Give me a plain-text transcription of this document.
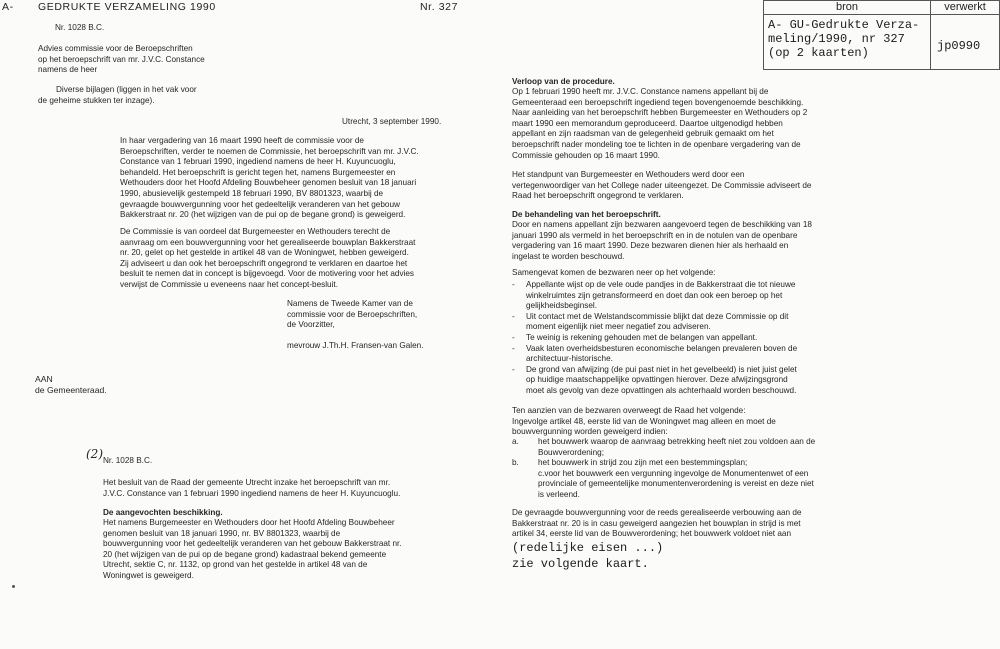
A- GEDRUKTE VERZAMELING 1990	Nr. 327	bron	verwerkt

A- GU-Gedrukte Verza-
meling/1990, nr 327
(op 2 kaarten)	jp0990
Nr. 1028 B.C.
Advies commissie voor de Beroepschriften
op het beroepschrift van mr. J.V.C. Constance
namens de heer
Diverse bijlagen (liggen in het vak voor
de geheime stukken ter inzage).
Utrecht, 3 september 1990.
In haar vergadering van 16 maart 1990 heeft de commissie voor de
Beroepschriften, verder te noemen de Commissie, het beroepschrift van mr. J.V.C.
Constance van 1 februari 1990, ingediend namens de heer H. Kuyuncuoglu,
behandeld. Het beroepschrift is gericht tegen het, namens Burgemeester en
Wethouders door het Hoofd Afdeling Bouwbeheer genomen besluit van 18 januari
1990, abusievelijk gestempeld 18 februari 1990, BV 8801323, waarbij de
gevraagde bouwvergunning voor het gedeeltelijk veranderen van het gebouw
Bakkerstraat nr. 20 (het wijzigen van de pui op de begane grond) is geweigerd.
De Commissie is van oordeel dat Burgemeester en Wethouders terecht de
aanvraag om een bouwvergunning voor het gerealiseerde bouwplan Bakkerstraat
nr. 20, gelet op het gestelde in artikel 48 van de Woningwet, hebben geweigerd.
Zij adviseert u dan ook het beroepschrift ongegrond te verklaren en daartoe het
besluit te nemen dat in concept is bijgevoegd. Voor de motivering voor het advies
verwijst de Commissie u eveneens naar het concept-besluit.
Namens de Tweede Kamer van de
commissie voor de Beroepschriften,
de Voorzitter,
mevrouw J.Th.H. Fransen-van Galen.
AAN
de Gemeenteraad.
(2) Nr. 1028 B.C.
Het besluit van de Raad der gemeente Utrecht inzake het beroepschrift van mr.
J.V.C. Constance van 1 februari 1990 ingediend namens de heer H. Kuyuncuoglu.
De aangevochten beschikking.
Het namens Burgemeester en Wethouders door het Hoofd Afdeling Bouwbeheer
genomen besluit van 18 januari 1990, nr. BV 8801323, waarbij de
bouwvergunning voor het gedeeltelijk veranderen van het gebouw Bakkerstraat nr.
20 (het wijzigen van de pui op de begane grond) kadastraal bekend gemeente
Utrecht, sektie C, nr. 1132, op grond van het gestelde in artikel 48 van de
Woningwet is geweigerd.
Verloop van de procedure.
Op 1 februari 1990 heeft mr. J.V.C. Constance namens appellant bij de
Gemeenteraad een beroepschrift ingediend tegen bovengenoemde beschikking.
Naar aanleiding van het beroepschrift hebben Burgemeester en Wethouders op 2
maart 1990 een memorandum geproduceerd. Daartoe uitgenodigd hebben
appellant en zijn raadsman van de gelegenheid gebruik gemaakt om het
beroepschrift nader mondeling toe te lichten in de openbare vergadering van de
Commissie gehouden op 16 maart 1990.
Het standpunt van Burgemeester en Wethouders werd door een
vertegenwoordiger van het College nader uiteengezet. De Commissie adviseert de
Raad het beroepschrift ongegrond te verklaren.
De behandeling van het beroepschrift.
Door en namens appellant zijn bezwaren aangevoerd tegen de beschikking van 18
januari 1990 als vermeld in het beroepschrift en in de notulen van de openbare
vergadering van 16 maart 1990. Deze bezwaren dienen hier als herhaald en
ingelast te worden beschouwd.
Samengevat komen de bezwaren neer op het volgende:
- Appellante wijst op de vele oude pandjes in de Bakkerstraat die tot nieuwe
winkelruimtes zijn getransformeerd en doet dan ook een beroep op het
gelijkheidsbeginsel.
- Uit contact met de Welstandscommissie blijkt dat deze Commissie op dit
moment eigenlijk niet meer negatief zou adviseren.
- Te weinig is rekening gehouden met de belangen van appellant.
- Vaak laten overheidsbesturen economische belangen prevaleren boven de
architectuur-historische.
- De grond van afwijzing (de pui past niet in het gevelbeeld) is niet juist gelet
op huidige maatschappelijke opvattingen hierover. Deze afwijzingsgrond
moet als gevolg van deze opvattingen als achterhaald worden beschouwd.
Ten aanzien van de bezwaren overweegt de Raad het volgende:
Ingevolge artikel 48, eerste lid van de Woningwet mag alleen en moet de
bouwvergunning worden geweigerd indien:
a. het bouwwerk waarop de aanvraag betrekking heeft niet zou voldoen aan de
Bouwverordening;
b. het bouwwerk in strijd zou zijn met een bestemmingsplan;
c.voor het bouwwerk een vergunning ingevolge de Monumentenwet of een
provinciale of gemeentelijke monumentenverordening is vereist en deze niet
is verleend.
De gevraagde bouwvergunning voor de reeds gerealiseerde verbouwing aan de
Bakkerstraat nr. 20 is in casu geweigerd aangezien het bouwplan in strijd is met
artikel 34, eerste lid van de Bouwverordening; het bouwwerk voldoet niet aan
(redelijke eisen ...)
zie volgende kaart.
